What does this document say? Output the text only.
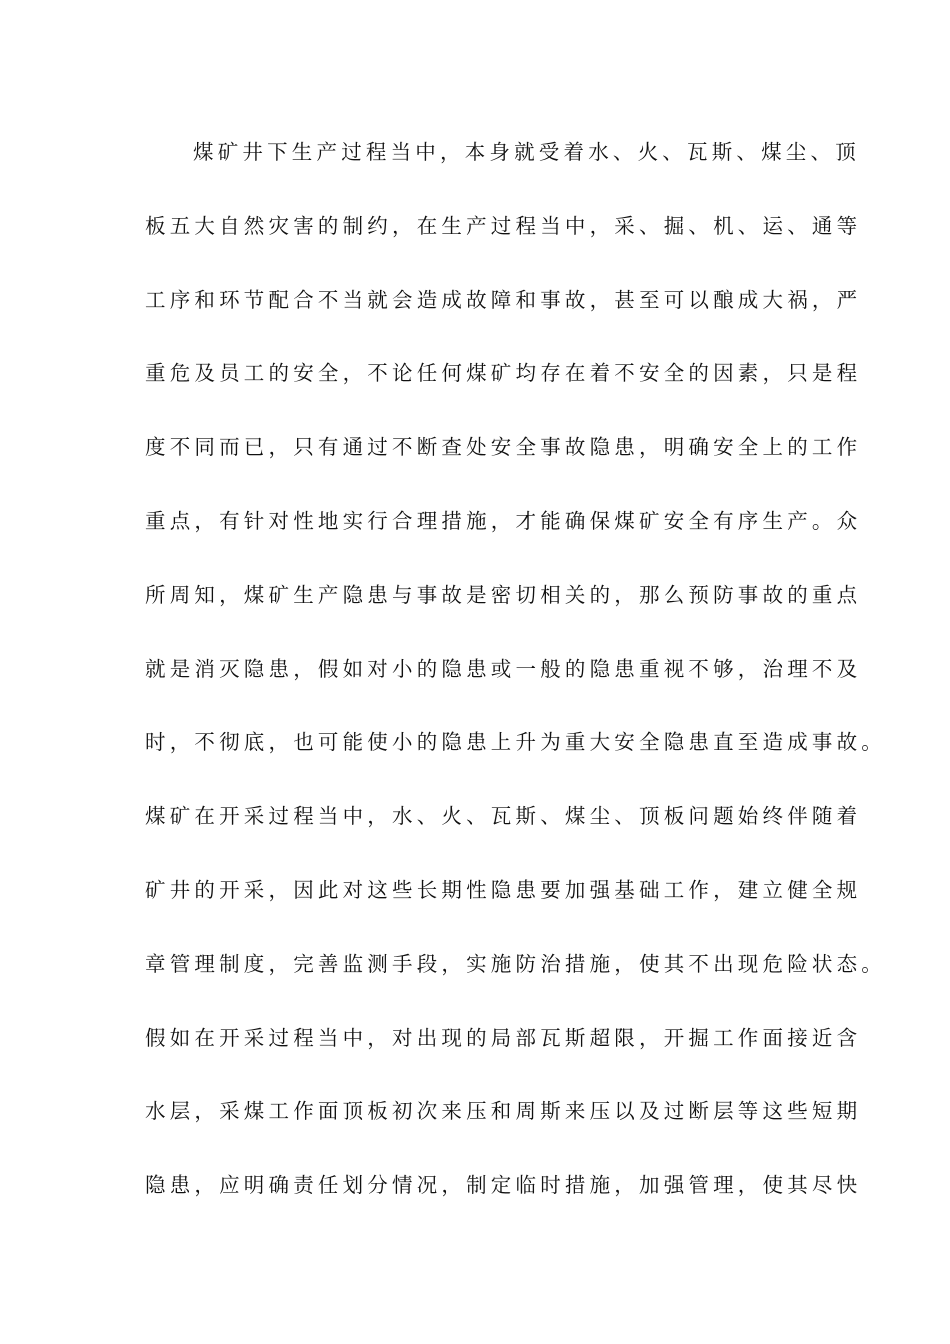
煤矿井下生产过程当中，本身就受着水、火、瓦斯、煤尘、顶
板五大自然灾害的制约，在生产过程当中，采、掘、机、运、通等
工序和环节配合不当就会造成故障和事故，甚至可以酿成大祸，严
重危及员工的安全，不论任何煤矿均存在着不安全的因素，只是程
度不同而已，只有通过不断查处安全事故隐患，明确安全上的工作
重点，有针对性地实行合理措施，才能确保煤矿安全有序生产。众
所周知，煤矿生产隐患与事故是密切相关的，那么预防事故的重点
就是消灭隐患，假如对小的隐患或一般的隐患重视不够，治理不及
时，不彻底，也可能使小的隐患上升为重大安全隐患直至造成事故。
煤矿在开采过程当中，水、火、瓦斯、煤尘、顶板问题始终伴随着
矿井的开采，因此对这些长期性隐患要加强基础工作，建立健全规
章管理制度，完善监测手段，实施防治措施，使其不出现危险状态。
假如在开采过程当中，对出现的局部瓦斯超限，开掘工作面接近含
水层，采煤工作面顶板初次来压和周斯来压以及过断层等这些短期
隐患，应明确责任划分情况，制定临时措施，加强管理，使其尽快
